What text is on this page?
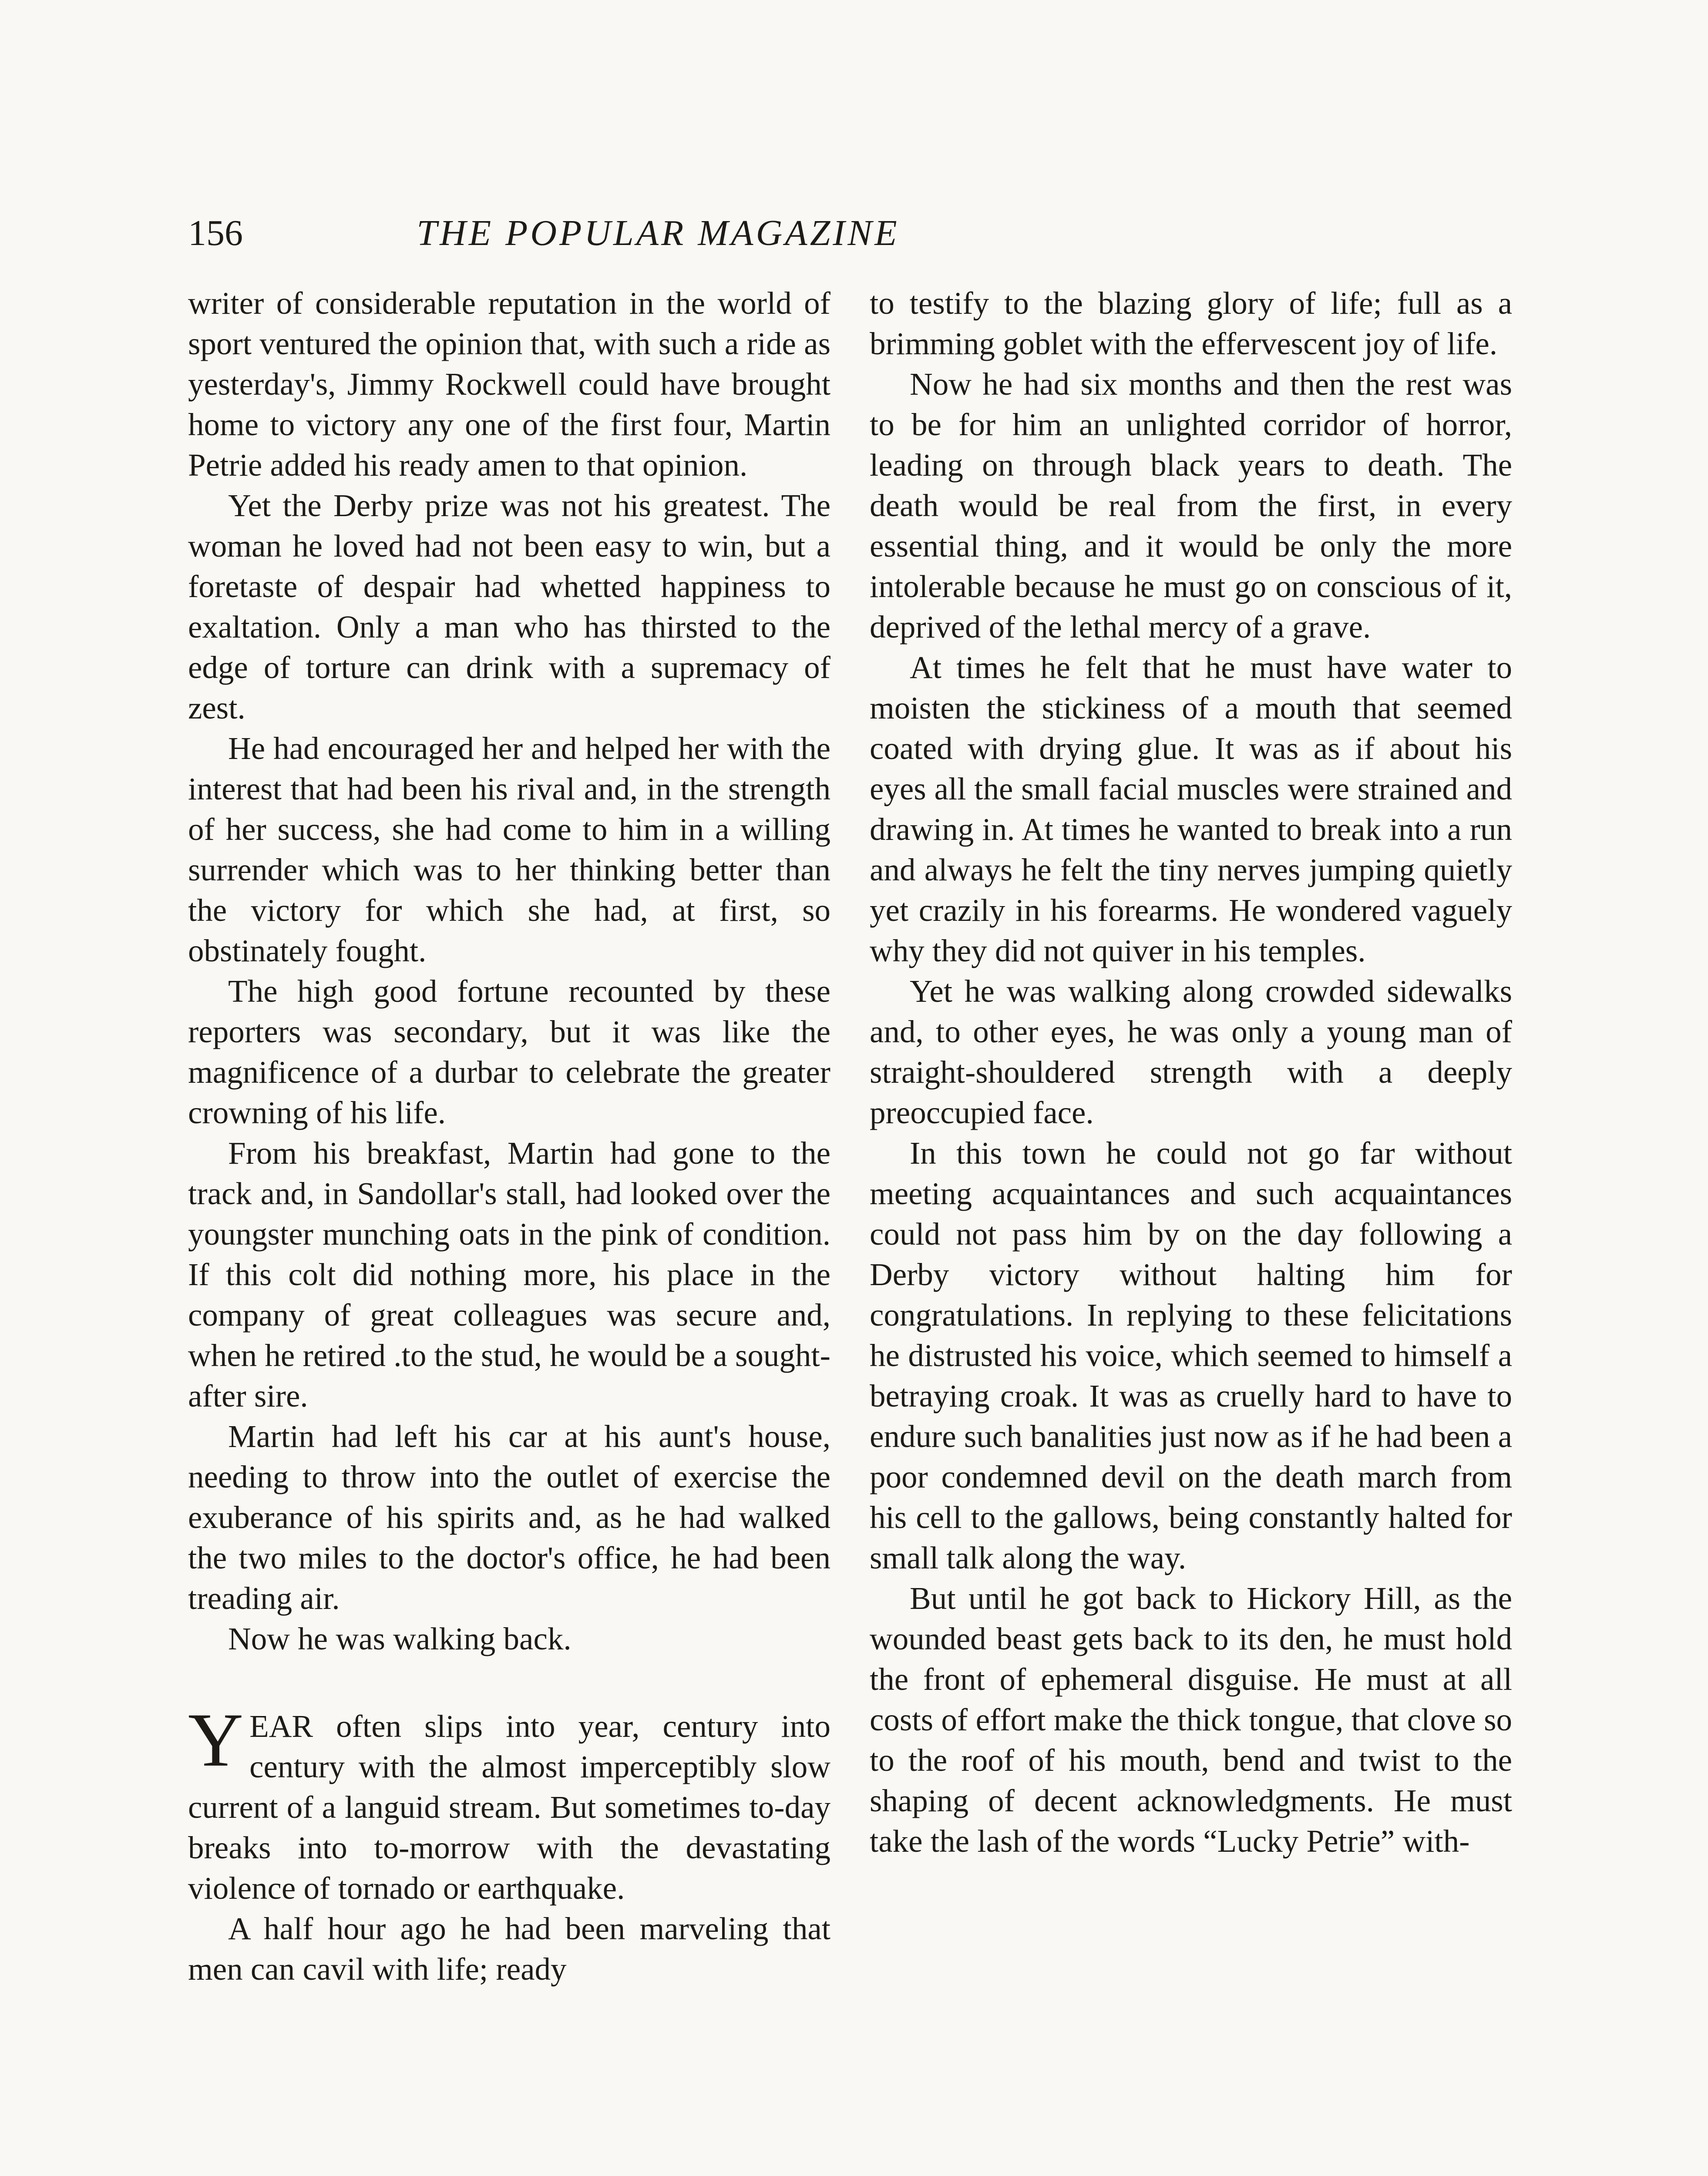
156	THE POPULAR MAGAZINE

writer of considerable reputation in the world of sport ventured the opinion that, with such a ride as yesterday's, Jimmy Rockwell could have brought home to victory any one of the first four, Martin Petrie added his ready amen to that opinion.

Yet the Derby prize was not his greatest. The woman he loved had not been easy to win, but a foretaste of despair had whetted happiness to exaltation. Only a man who has thirsted to the edge of torture can drink with a supremacy of zest.

He had encouraged her and helped her with the interest that had been his rival and, in the strength of her success, she had come to him in a willing surrender which was to her thinking better than the victory for which she had, at first, so obstinately fought.

The high good fortune recounted by these reporters was secondary, but it was like the magnificence of a durbar to celebrate the greater crowning of his life.

From his breakfast, Martin had gone to the track and, in Sandollar's stall, had looked over the youngster munching oats in the pink of condition. If this colt did nothing more, his place in the company of great colleagues was secure and, when he retired .to the stud, he would be a sought-after sire.

Martin had left his car at his aunt's house, needing to throw into the outlet of exercise the exuberance of his spirits and, as he had walked the two miles to the doctor's office, he had been treading air.

Now he was walking back.

YEAR often slips into year, century into century with the almost imperceptibly slow current of a languid stream. But sometimes to-day breaks into to-morrow with the devastating violence of tornado or earthquake.

A half hour ago he had been marveling that men can cavil with life; ready

to testify to the blazing glory of life; full as a brimming goblet with the effervescent joy of life.

Now he had six months and then the rest was to be for him an unlighted corridor of horror, leading on through black years to death. The death would be real from the first, in every essential thing, and it would be only the more intolerable because he must go on conscious of it, deprived of the lethal mercy of a grave.

At times he felt that he must have water to moisten the stickiness of a mouth that seemed coated with drying glue. It was as if about his eyes all the small facial muscles were strained and drawing in. At times he wanted to break into a run and always he felt the tiny nerves jumping quietly yet crazily in his forearms. He wondered vaguely why they did not quiver in his temples.

Yet he was walking along crowded sidewalks and, to other eyes, he was only a young man of straight-shouldered strength with a deeply preoccupied face.

In this town he could not go far without meeting acquaintances and such acquaintances could not pass him by on the day following a Derby victory without halting him for congratulations. In replying to these felicitations he distrusted his voice, which seemed to himself a betraying croak. It was as cruelly hard to have to endure such banalities just now as if he had been a poor condemned devil on the death march from his cell to the gallows, being constantly halted for small talk along the way.

But until he got back to Hickory Hill, as the wounded beast gets back to its den, he must hold the front of ephemeral disguise. He must at all costs of effort make the thick tongue, that clove so to the roof of his mouth, bend and twist to the shaping of decent acknowledgments. He must take the lash of the words “Lucky Petrie” with-
